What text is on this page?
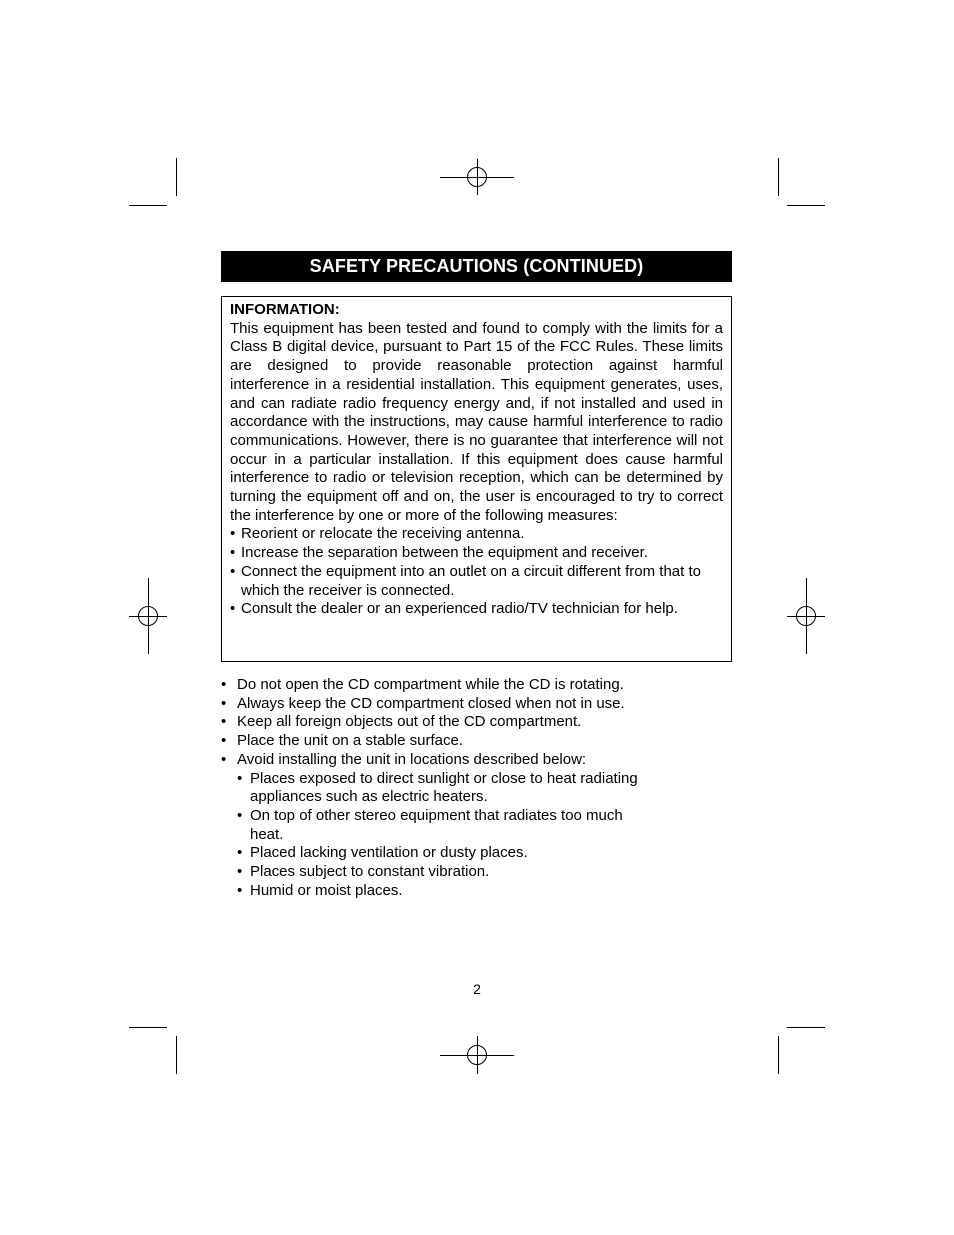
SAFETY PRECAUTIONS (CONTINUED)
INFORMATION:
This equipment has been tested and found to comply with the limits for a Class B digital device, pursuant to Part 15 of the FCC Rules. These limits are designed to provide reasonable protection against harmful interference in a residential installation. This equipment generates, uses, and can radiate radio frequency energy and, if not installed and used in accordance with the instructions, may cause harmful interference to radio communications. However, there is no guarantee that interference will not occur in a particular installation. If this equipment does cause harmful interference to radio or television reception, which can be determined by turning the equipment off and on, the user is encouraged to try to correct the interference by one or more of the following measures:
• Reorient or relocate the receiving antenna.
• Increase the separation between the equipment and receiver.
• Connect the equipment into an outlet on a circuit different from that to which the receiver is connected.
• Consult the dealer or an experienced radio/TV technician for help.
• Do not open the CD compartment while the CD is rotating.
• Always keep the CD compartment closed when not in use.
• Keep all foreign objects out of the CD compartment.
• Place the unit on a stable surface.
• Avoid installing the unit in locations described below:
• Places exposed to direct sunlight or close to heat radiating appliances such as electric heaters.
• On top of other stereo equipment that radiates too much heat.
• Placed lacking ventilation or dusty places.
• Places subject to constant vibration.
• Humid or moist places.
2
